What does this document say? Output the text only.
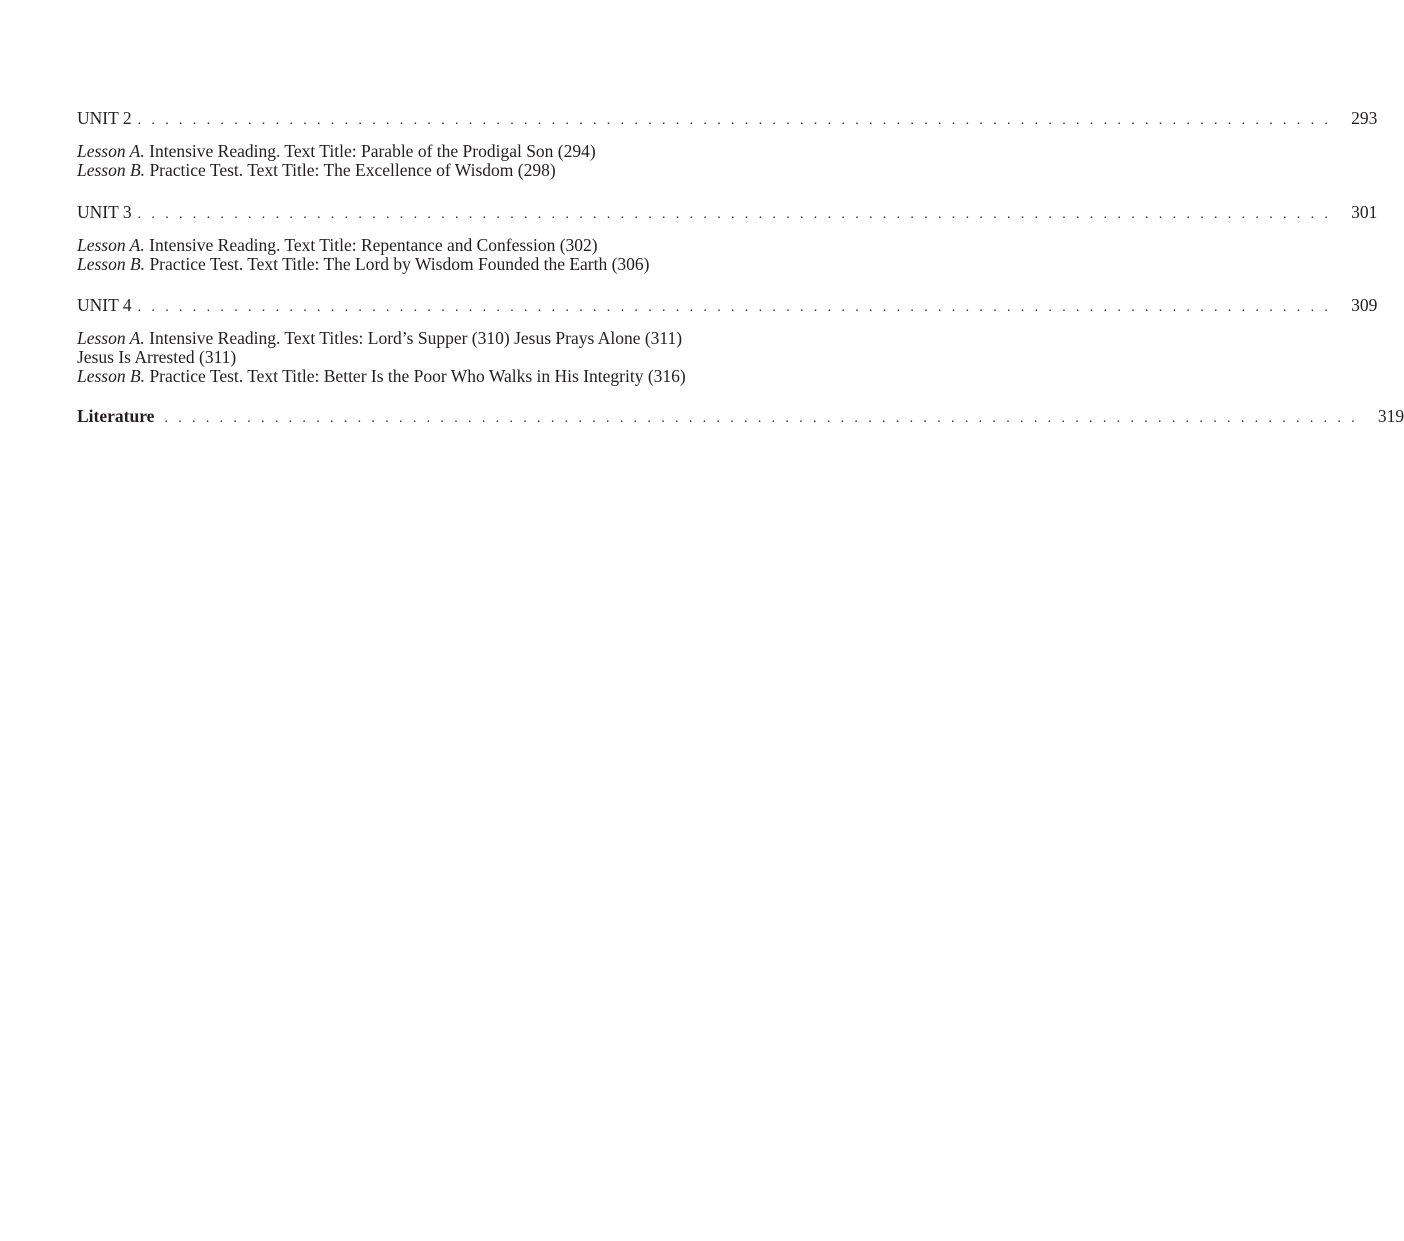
UNIT 2 . . . . . . . . . . . . . . . . . . . . . . . . . . . . . . . . . . . . . . . . . . . . . . . . . . . . . . . . . . . . . . . . . . . . . . . . . . . . . . . . . . . . . . .	293
Lesson A. Intensive Reading. Text Title: Parable of the Prodigal Son (294)
Lesson B. Practice Test. Text Title: The Excellence of Wisdom (298)
UNIT 3 . . . . . . . . . . . . . . . . . . . . . . . . . . . . . . . . . . . . . . . . . . . . . . . . . . . . . . . . . . . . . . . . . . . . . . . . . . . . . . . . . . . . . . .	301
Lesson A. Intensive Reading. Text Title: Repentance and Confession (302)
Lesson B. Practice Test. Text Title: The Lord by Wisdom Founded the Earth (306)
UNIT 4 . . . . . . . . . . . . . . . . . . . . . . . . . . . . . . . . . . . . . . . . . . . . . . . . . . . . . . . . . . . . . . . . . . . . . . . . . . . . . . . . . . . . . . .	309
Lesson A. Intensive Reading. Text Titles: Lord’s Supper (310) Jesus Prays Alone (311) Jesus Is Arrested (311)
Lesson B. Practice Test. Text Title: Better Is the Poor Who Walks in His Integrity (316)
Literature . . . . . . . . . . . . . . . . . . . . . . . . . . . . . . . . . . . . . . . . . . . . . . . . . . . . . . . . . . . . . . . . . . . . . . . . . . . . . . . . . . . . . . .	319
